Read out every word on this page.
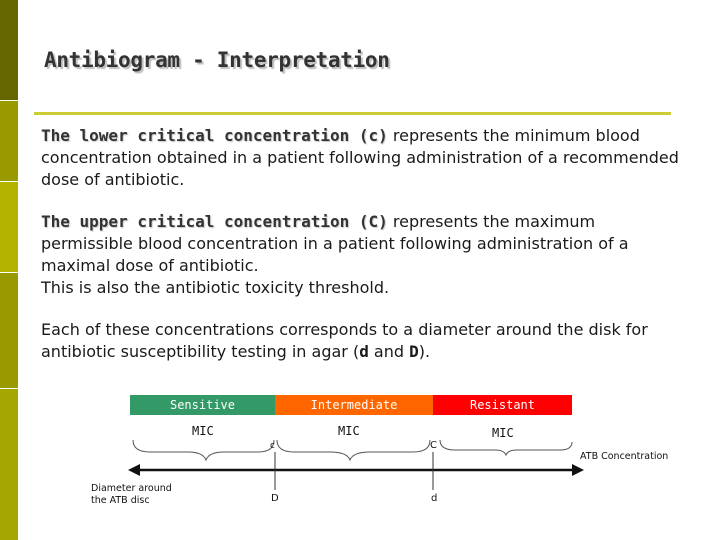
Antibiogram - Interpretation
The lower critical concentration (c) represents the minimum blood concentration obtained in a patient following administration of a recommended dose of antibiotic.
The upper critical concentration (C) represents the maximum permissible blood concentration in a patient following administration of a maximal dose of antibiotic.
This is also the antibiotic toxicity threshold.
Each of these concentrations corresponds to a diameter around the disk for antibiotic susceptibility testing in agar (d and D).
Sensitive	Intermediate	Resistant
MIC	MIC	MIC
c	C
ATB Concentration
Diameter around
the ATB disc	D	d
